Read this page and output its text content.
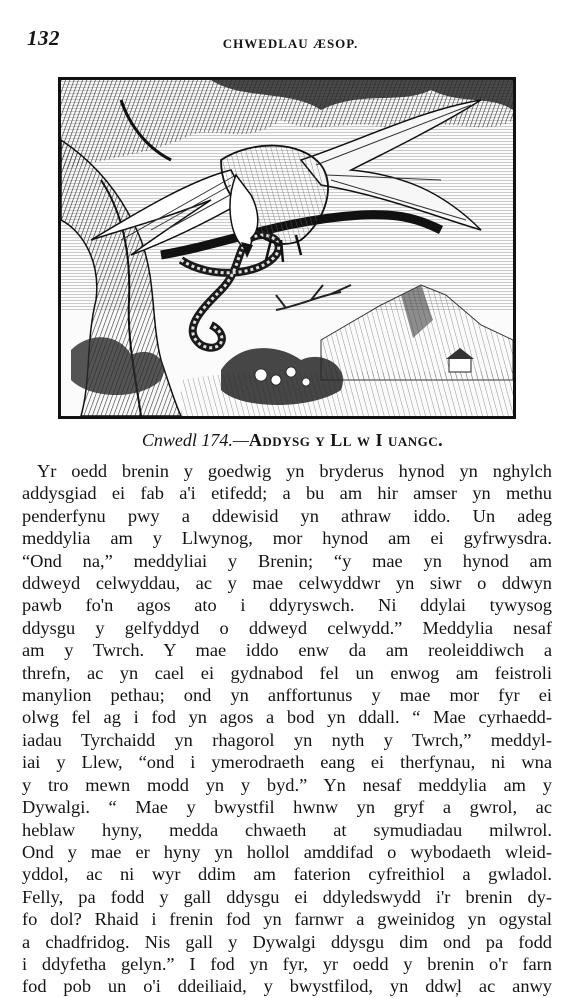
132	CHWEDLAU ÆSOP.
Cnwedl 174.—Addysg y Ll w I uangc.
Yr oedd brenin y goedwig yn bryderus hynod yn nghylch
addysgiad ei fab a'i etifedd; a bu am hir amser yn methu
penderfynu pwy a ddewisid yn athraw iddo. Un adeg
meddylia am y Llwynog, mor hynod am ei gyfrwysdra.
“Ond na,” meddyliai y Brenin; “y mae yn hynod am
ddweyd celwyddau, ac y mae celwyddwr yn siwr o ddwyn
pawb fo'n agos ato i ddyryswch. Ni ddylai tywysog
ddysgu y gelfyddyd o ddweyd celwydd.” Meddylia nesaf
am y Twrch. Y mae iddo enw da am reoleiddiwch a
threfn, ac yn cael ei gydnabod fel un enwog am feistroli
manylion pethau; ond yn anffortunus y mae mor fyr ei
olwg fel ag i fod yn agos a bod yn ddall. “ Mae cyrhaedd-
iadau Tyrchaidd yn rhagorol yn nyth y Twrch,” meddyl-
iai y Llew, “ond i ymerodraeth eang ei therfynau, ni wna
y tro mewn modd yn y byd.” Yn nesaf meddylia am y
Dywalgi. “ Mae y bwystfil hwnw yn gryf a gwrol, ac
heblaw hyny, medda chwaeth at symudiadau milwrol.
Ond y mae er hyny yn hollol amddifad o wybodaeth wleid-
yddol, ac ni wyr ddim am faterion cyfreithiol a gwladol.
Felly, pa fodd y gall ddysgu ei ddyledswydd i'r brenin dy-
fo dol? Rhaid i frenin fod yn farnwr a gweinidog yn ogystal
a chadfridog. Nis gall y Dywalgi ddysgu dim ond pa fodd
i ddyfetha gelyn.” I fod yn fyr, yr oedd y brenin o'r farn
fod pob un o'i ddeiliaid, y bwystfilod, yn ddw̦l ac anwy
